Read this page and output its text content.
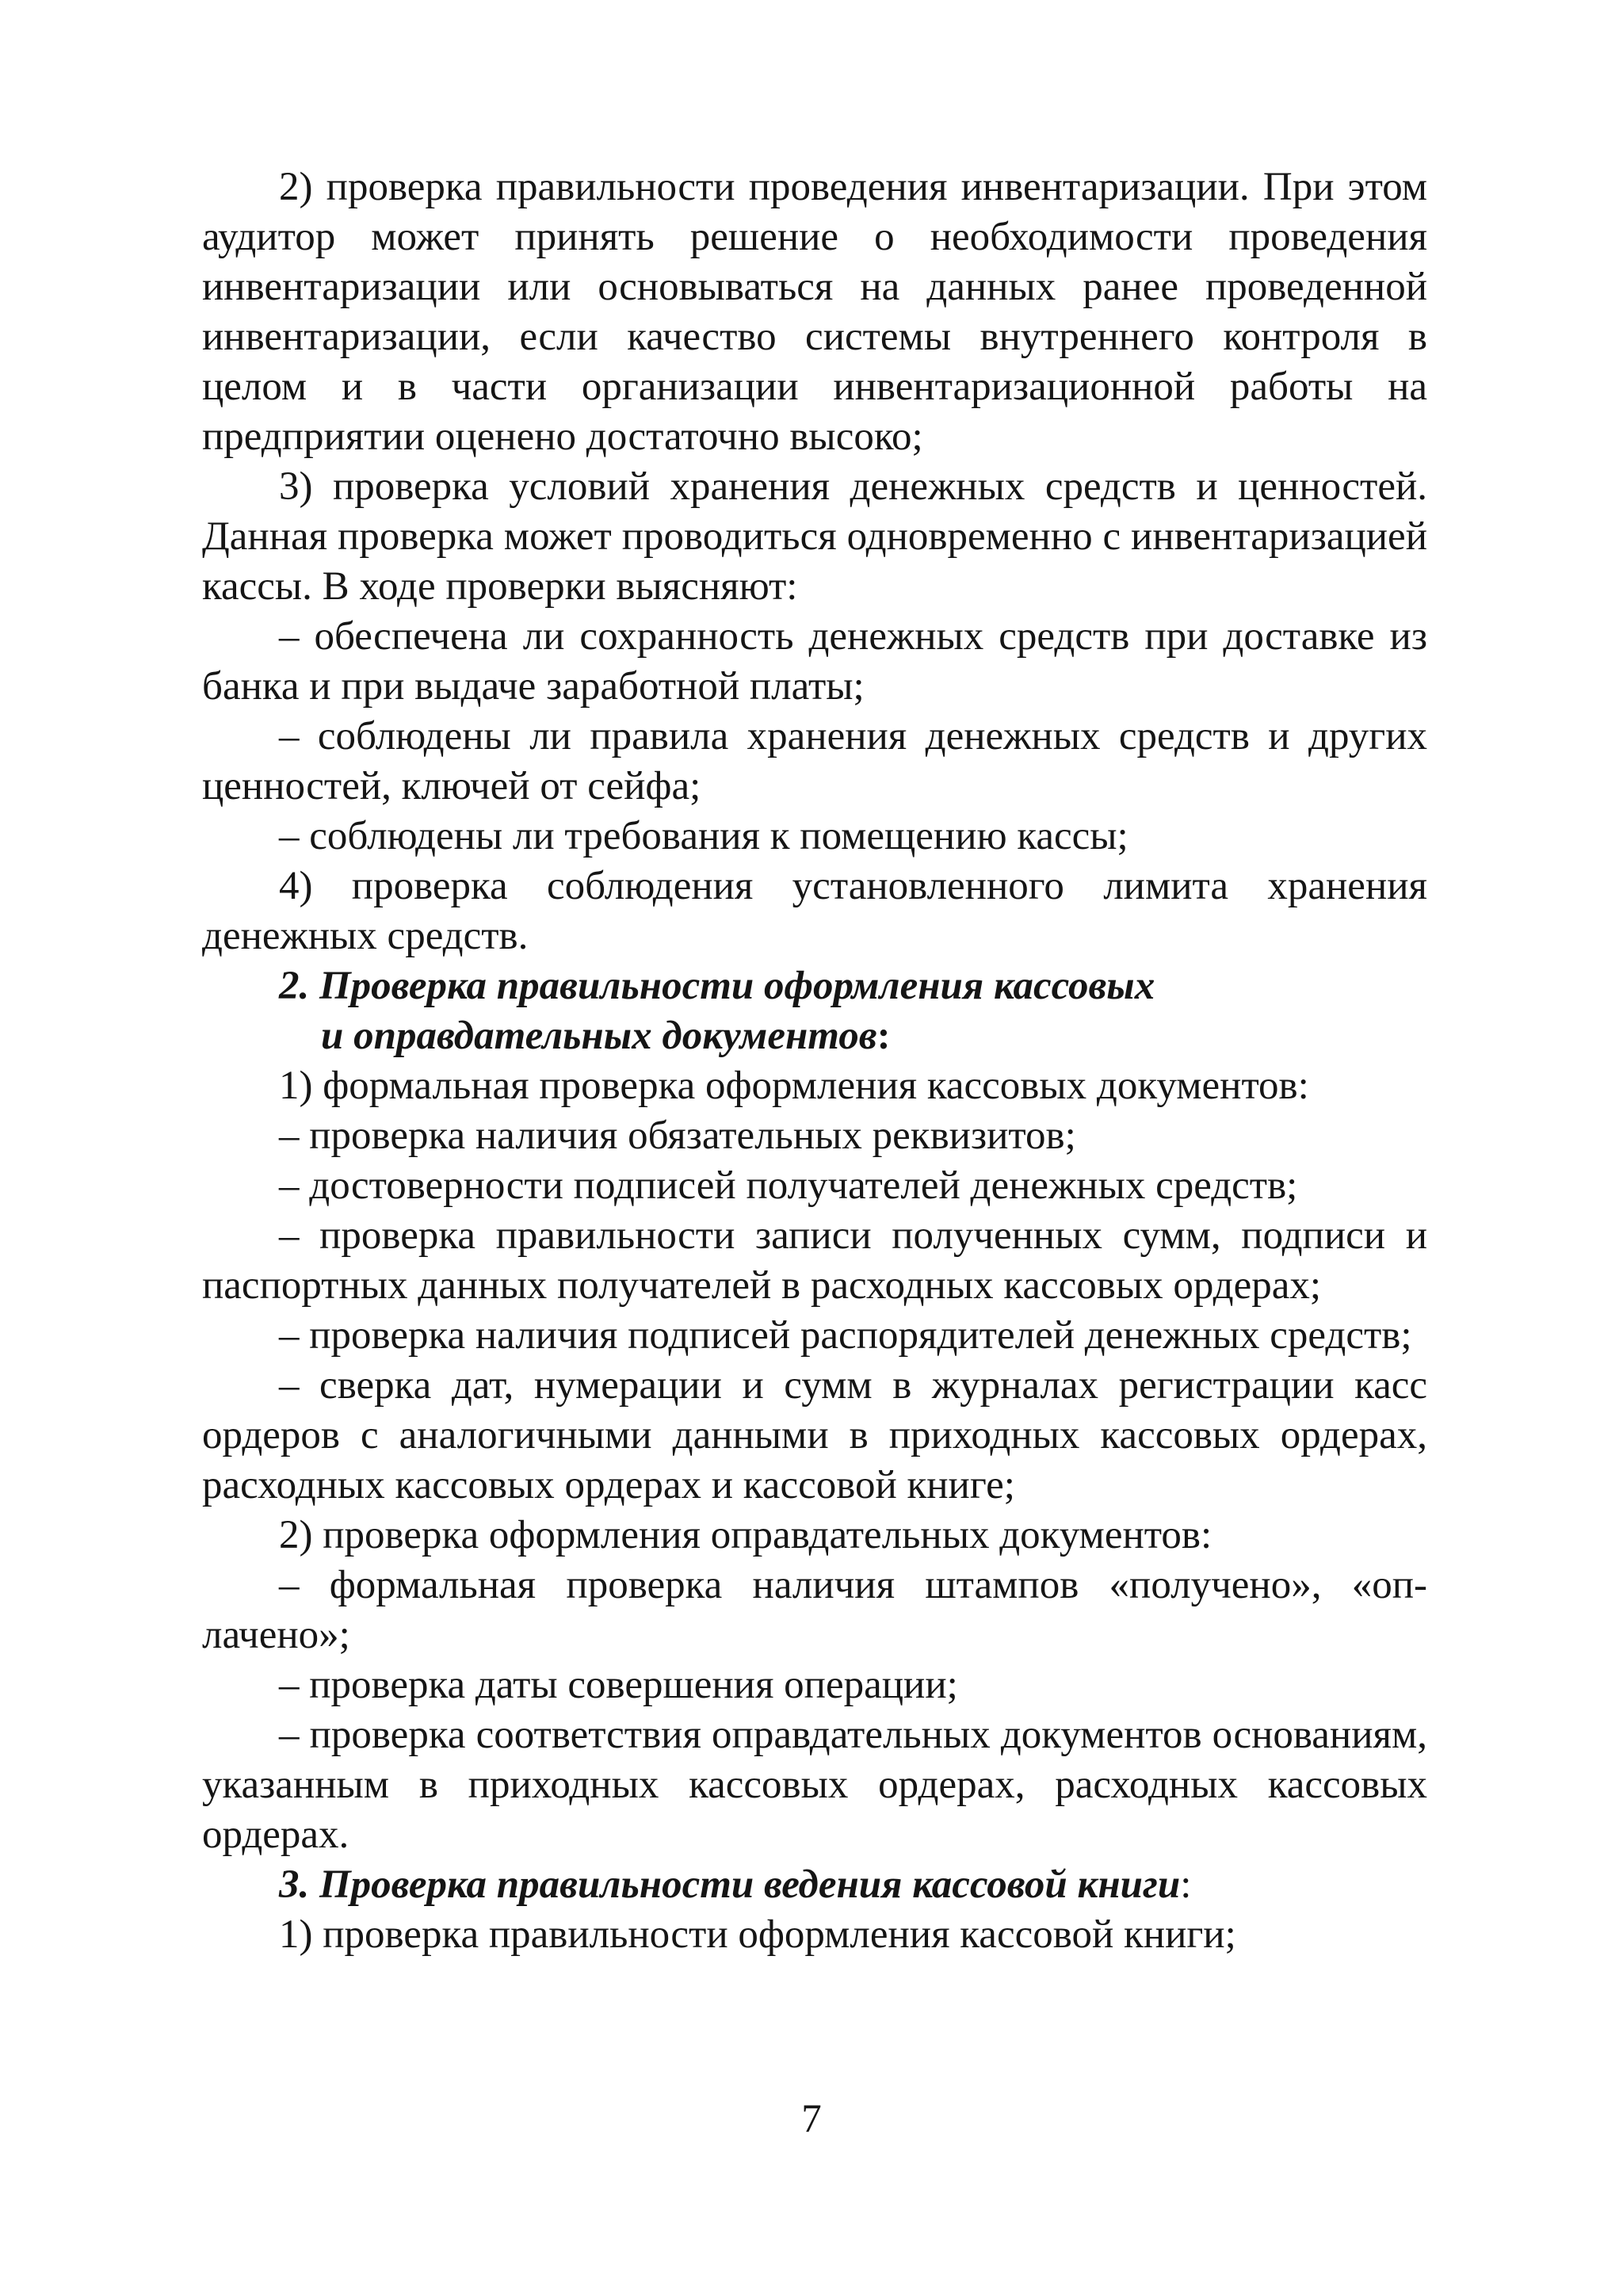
2) проверка правильности проведения инвентаризации. При этом аудитор может принять решение о необходимости проведения инвентаризации или основываться на данных ранее проведенной инвентаризации, если качество системы внутреннего контроля в целом и в части организации инвентаризационной работы на предприятии оценено достаточно высоко;

3) проверка условий хранения денежных средств и ценностей. Данная проверка может проводиться одновременно с инвентаризацией кассы. В ходе проверки выясняют:

– обеспечена ли сохранность денежных средств при доставке из банка и при выдаче заработной платы;

– соблюдены ли правила хранения денежных средств и других ценностей, ключей от сейфа;

– соблюдены ли требования к помещению кассы;

4) проверка соблюдения установленного лимита хранения денежных средств.

2. Проверка правильности оформления кассовых
и оправдательных документов:

1) формальная проверка оформления кассовых документов:

– проверка наличия обязательных реквизитов;

– достоверности подписей получателей денежных средств;

– проверка правильности записи полученных сумм, подписи и паспортных данных получателей в расходных кассовых ордерах;

– проверка наличия подписей распорядителей денежных средств;

– сверка дат, нумерации и сумм в журналах регистрации касс ордеров с аналогичными данными в приходных кассовых ордерах, расходных кассовых ордерах и кассовой книге;

2) проверка оформления оправдательных документов:

– формальная проверка наличия штампов «получено», «оплачено»;

– проверка даты совершения операции;

– проверка соответствия оправдательных документов основаниям, указанным в приходных кассовых ордерах, расходных кассовых ордерах.

3. Проверка правильности ведения кассовой книги:

1) проверка правильности оформления кассовой книги;

7
